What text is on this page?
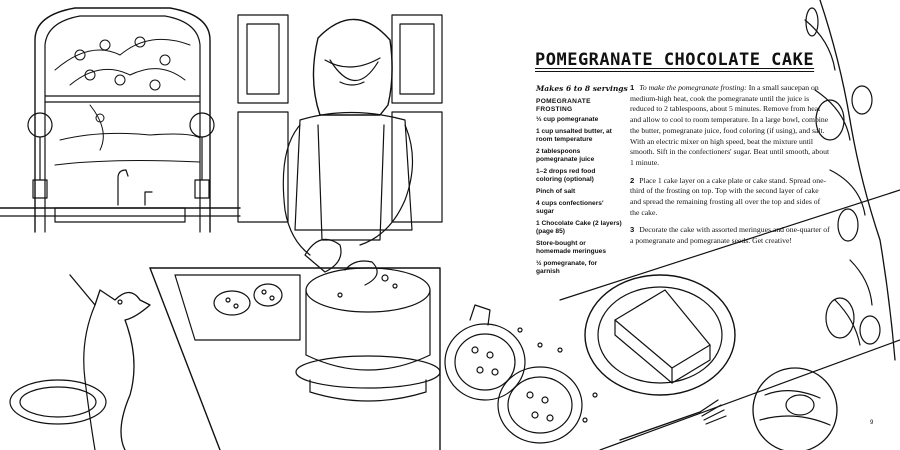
POMEGRANATE CHOCOLATE CAKE
Makes 6 to 8 servings
POMEGRANATE FROSTING
⅓ cup pomegranate
1 cup unsalted butter, at room temperature
2 tablespoons pomegranate juice
1–2 drops red food coloring (optional)
Pinch of salt
4 cups confectioners' sugar
1 Chocolate Cake (2 layers) (page 85)
Store-bought or homemade meringues
½ pomegranate, for garnish
1 To make the pomegranate frosting: In a small saucepan on medium-high heat, cook the pomegranate until the juice is reduced to 2 tablespoons, about 5 minutes. Remove from heat and allow to cool to room temperature. In a large bowl, combine the butter, pomegranate juice, food coloring (if using), and salt. With an electric mixer on high speed, beat the mixture until smooth. Sift in the confectioners' sugar. Beat until smooth, about 1 minute.
2 Place 1 cake layer on a cake plate or cake stand. Spread one-third of the frosting on top. Top with the second layer of cake and spread the remaining frosting all over the top and sides of the cake.
3 Decorate the cake with assorted meringues and one-quarter of a pomegranate and pomegranate seeds. Get creative!
9
